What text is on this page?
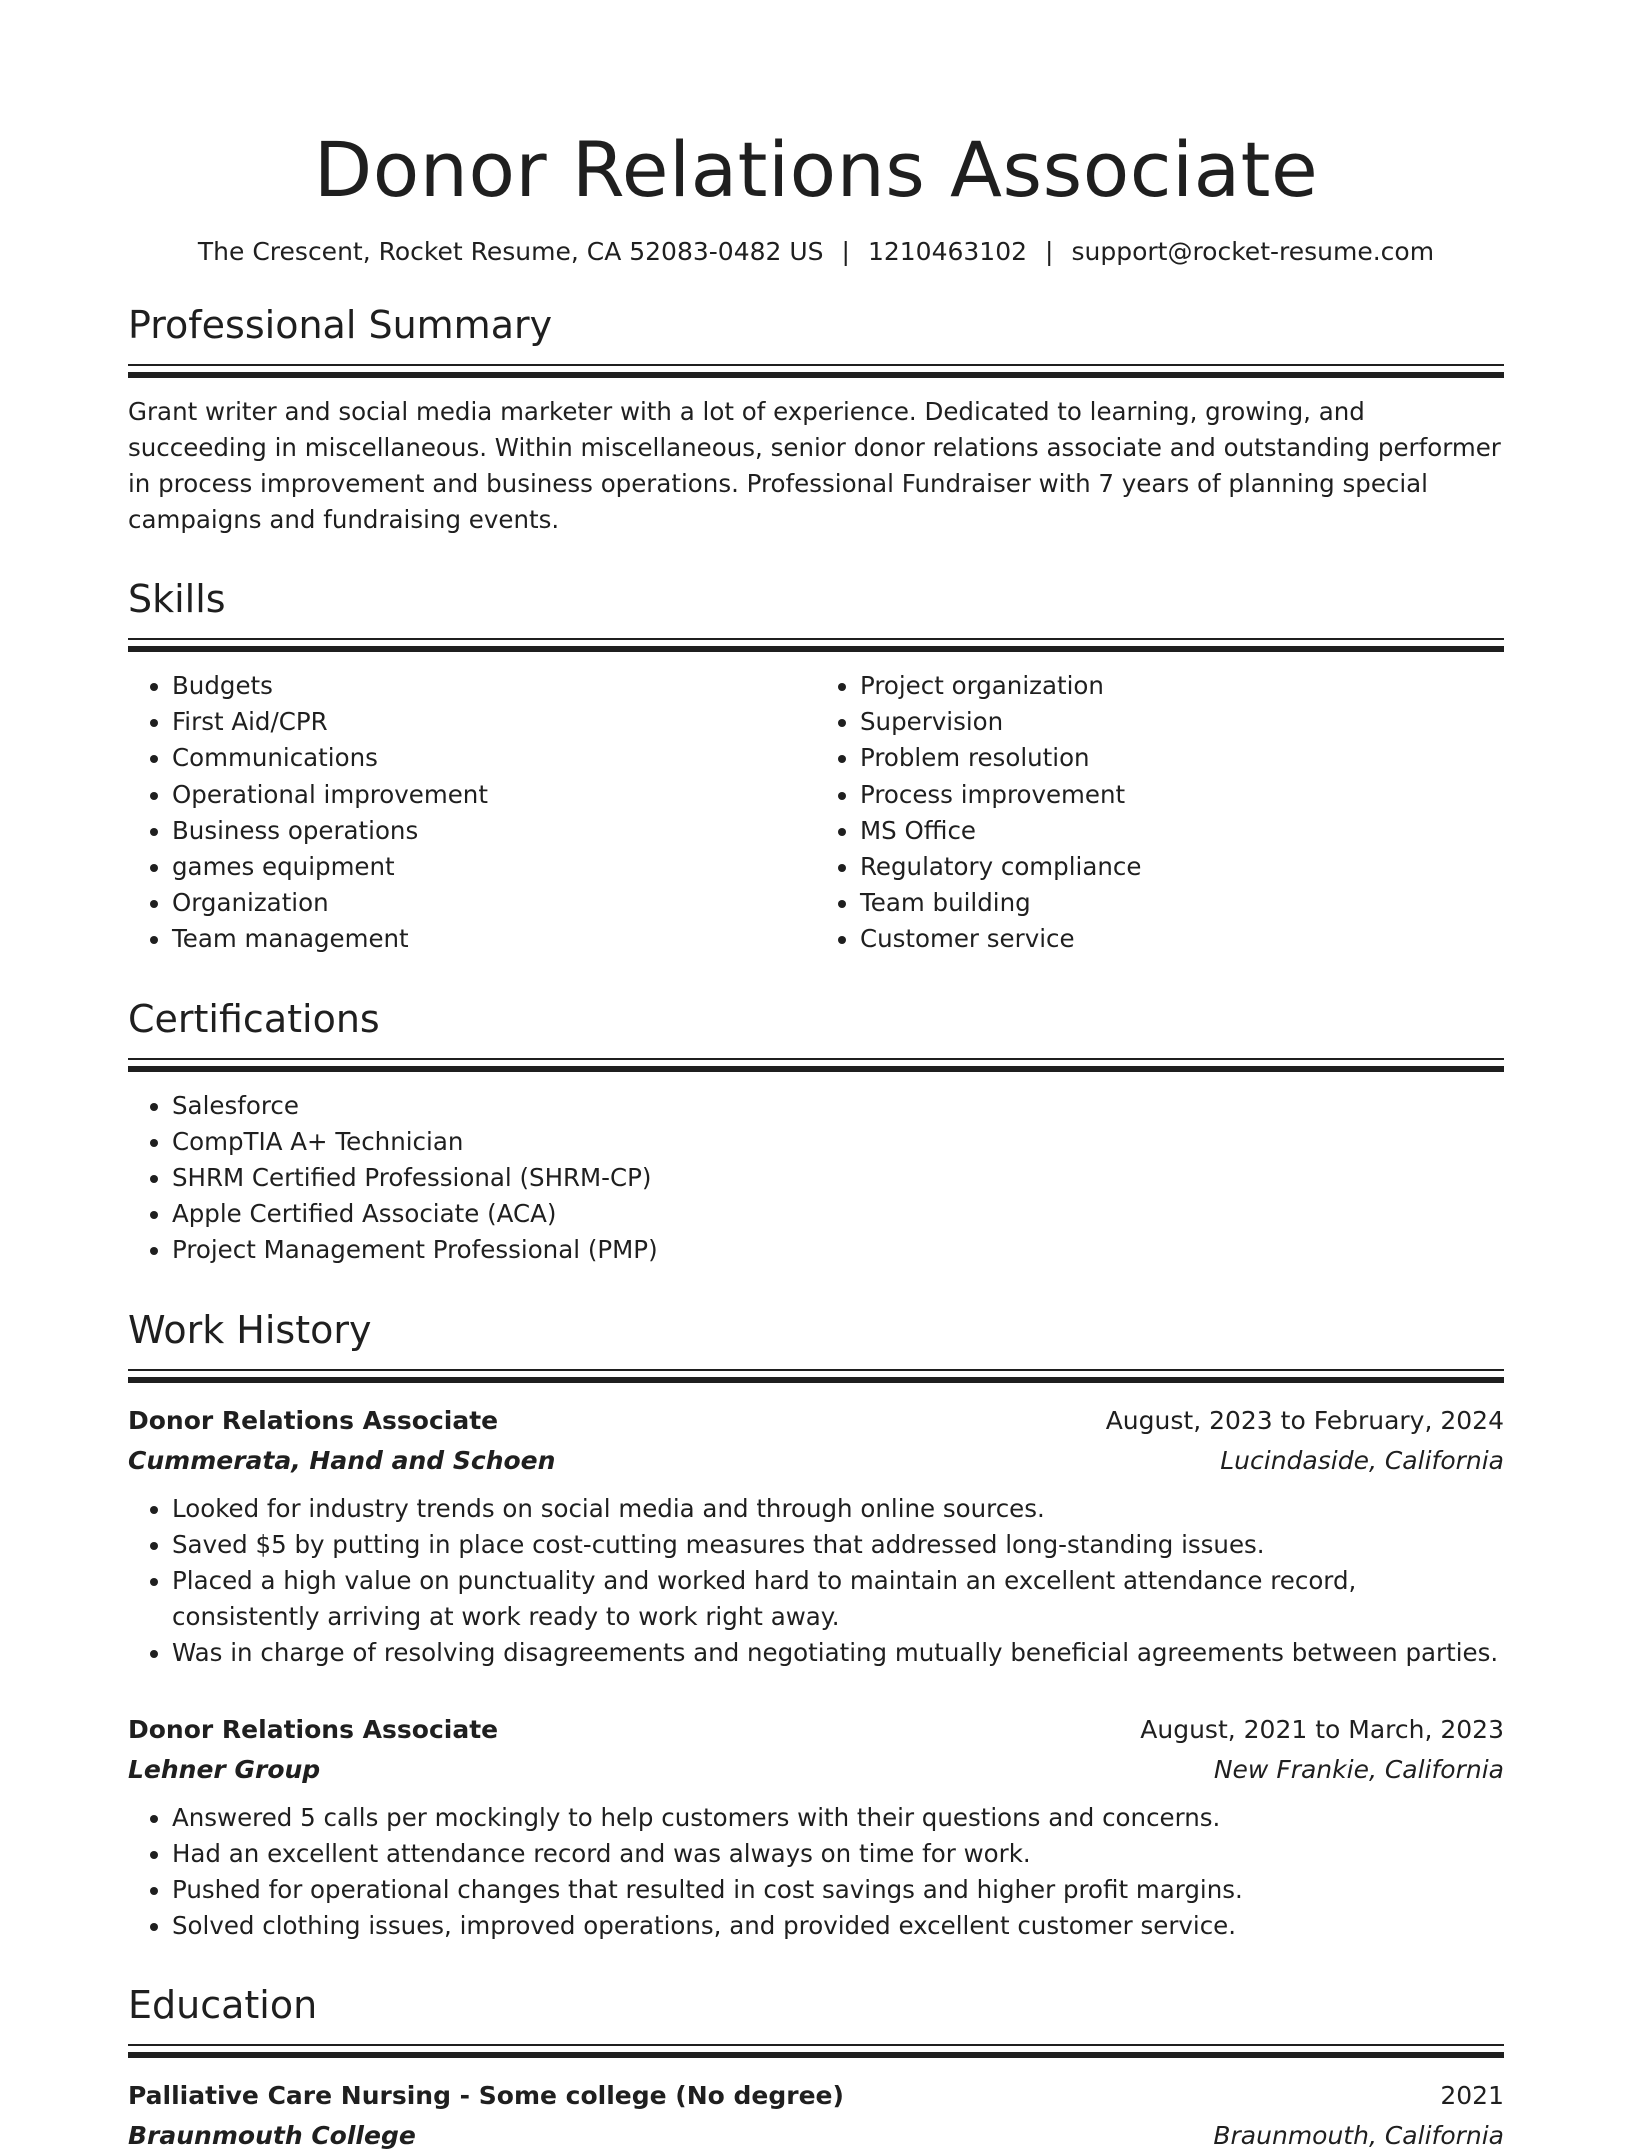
Donor Relations Associate
The Crescent, Rocket Resume, CA 52083-0482 US | 1210463102 | support@rocket-resume.com
Professional Summary
Grant writer and social media marketer with a lot of experience. Dedicated to learning, growing, and succeeding in miscellaneous. Within miscellaneous, senior donor relations associate and outstanding performer in process improvement and business operations. Professional Fundraiser with 7 years of planning special campaigns and fundraising events.
Skills
• Budgets
• First Aid/CPR
• Communications
• Operational improvement
• Business operations
• games equipment
• Organization
• Team management
• Project organization
• Supervision
• Problem resolution
• Process improvement
• MS Office
• Regulatory compliance
• Team building
• Customer service
Certifications
• Salesforce
• CompTIA A+ Technician
• SHRM Certified Professional (SHRM-CP)
• Apple Certified Associate (ACA)
• Project Management Professional (PMP)
Work History
Donor Relations Associate	August, 2023 to February, 2024
Cummerata, Hand and Schoen	Lucindaside, California
• Looked for industry trends on social media and through online sources.
• Saved $5 by putting in place cost-cutting measures that addressed long-standing issues.
• Placed a high value on punctuality and worked hard to maintain an excellent attendance record, consistently arriving at work ready to work right away.
• Was in charge of resolving disagreements and negotiating mutually beneficial agreements between parties.
Donor Relations Associate	August, 2021 to March, 2023
Lehner Group	New Frankie, California
• Answered 5 calls per mockingly to help customers with their questions and concerns.
• Had an excellent attendance record and was always on time for work.
• Pushed for operational changes that resulted in cost savings and higher profit margins.
• Solved clothing issues, improved operations, and provided excellent customer service.
Education
Palliative Care Nursing - Some college (No degree)	2021
Braunmouth College	Braunmouth, California
